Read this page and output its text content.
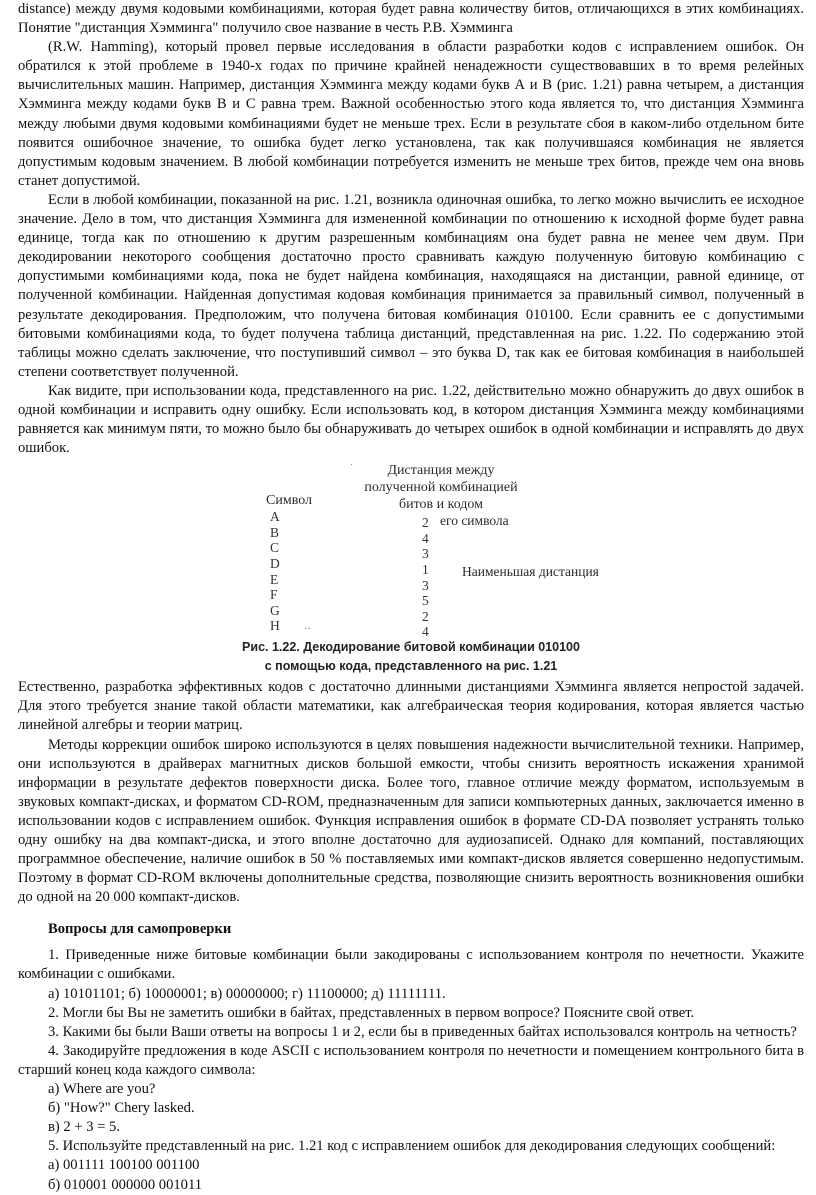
distance) между двумя кодовыми комбинациями, которая будет равна количеству битов, отличающихся в этих комбинациях. Понятие "дистанция Хэмминга" получило свое название в честь Р.В. Хэмминга

(R.W. Hamming), который провел первые исследования в области разработки кодов с исправлением ошибок. Он обратился к этой проблеме в 1940-х годах по причине крайней ненадежности существовавших в то время релейных вычислительных машин. Например, дистанция Хэмминга между кодами букв А и В (рис. 1.21) равна четырем, а дистанция Хэмминга между кодами букв В и С равна трем. Важной особенностью этого кода является то, что дистанция Хэмминга между любыми двумя кодовыми комбинациями будет не меньше трех. Если в результате сбоя в каком-либо отдельном бите появится ошибочное значение, то ошибка будет легко установлена, так как получившаяся комбинация не является допустимым кодовым значением. В любой комбинации потребуется изменить не меньше трех битов, прежде чем она вновь станет допустимой.

Если в любой комбинации, показанной на рис. 1.21, возникла одиночная ошибка, то легко можно вычислить ее исходное значение. Дело в том, что дистанция Хэмминга для измененной комбинации по отношению к исходной форме будет равна единице, тогда как по отношению к другим разрешенным комбинациям она будет равна не менее чем двум. При декодировании некоторого сообщения достаточно просто сравнивать каждую полученную битовую комбинацию с допустимыми комбинациями кода, пока не будет найдена комбинация, находящаяся на дистанции, равной единице, от полученной комбинации. Найденная допустимая кодовая комбинация принимается за правильный символ, полученный в результате декодирования. Предположим, что получена битовая комбинация 010100. Если сравнить ее с допустимыми битовыми комбинациями кода, то будет получена таблица дистанций, представленная на рис. 1.22. По содержанию этой таблицы можно сделать заключение, что поступивший символ – это буква D, так как ее битовая комбинация в наибольшей степени соответствует полученной.

Как видите, при использовании кода, представленного на рис. 1.22, действительно можно обнаружить до двух ошибок в одной комбинации и исправить одну ошибку. Если использовать код, в котором дистанция Хэмминга между комбинациями равняется как минимум пяти, то можно было бы обнаруживать до четырех ошибок в одной комбинации и исправлять до двух ошибок.

·	Дистанция между
полученной комбинацией
битов и кодом
Символ
A
B
C
D
E
F
G
H
2
4
3
1
3
5
2
4
его символа
Наименьшая дистанция
··
Рис. 1.22. Декодирование битовой комбинации 010100
с помощью кода, представленного на рис. 1.21

Естественно, разработка эффективных кодов с достаточно длинными дистанциями Хэмминга является непростой задачей. Для этого требуется знание такой области математики, как алгебраическая теория кодирования, которая является частью линейной алгебры и теории матриц.

Методы коррекции ошибок широко используются в целях повышения надежности вычислительной техники. Например, они используются в драйверах магнитных дисков большой емкости, чтобы снизить вероятность искажения хранимой информации в результате дефектов поверхности диска. Более того, главное отличие между форматом, используемым в звуковых компакт-дисках, и форматом CD-ROM, предназначенным для записи компьютерных данных, заключается именно в использовании кодов с исправлением ошибок. Функция исправления ошибок в формате CD-DA позволяет устранять только одну ошибку на два компакт-диска, и этого вполне достаточно для аудиозаписей. Однако для компаний, поставляющих программное обеспечение, наличие ошибок в 50 % поставляемых ими компакт-дисков является совершенно недопустимым. Поэтому в формат CD-ROM включены дополнительные средства, позволяющие снизить вероятность возникновения ошибки до одной на 20 000 компакт-дисков.

Вопросы для самопроверки

1. Приведенные ниже битовые комбинации были закодированы с использованием контроля по нечетности. Укажите комбинации с ошибками.

а) 10101101; б) 10000001; в) 00000000; г) 11100000; д) 11111111.

2. Могли бы Вы не заметить ошибки в байтах, представленных в первом вопросе? Поясните свой ответ.

3. Какими бы были Ваши ответы на вопросы 1 и 2, если бы в приведенных байтах использовался контроль на четность?

4. Закодируйте предложения в коде ASCII с использованием контроля по нечетности и помещением контрольного бита в старший конец кода каждого символа:

а) Where are you?

б) "How?" Chery lasked.

в) 2 + 3 = 5.

5. Используйте представленный на рис. 1.21 код с исправлением ошибок для декодирования следующих сообщений:

а) 001111 100100 001100

б) 010001 000000 001011
